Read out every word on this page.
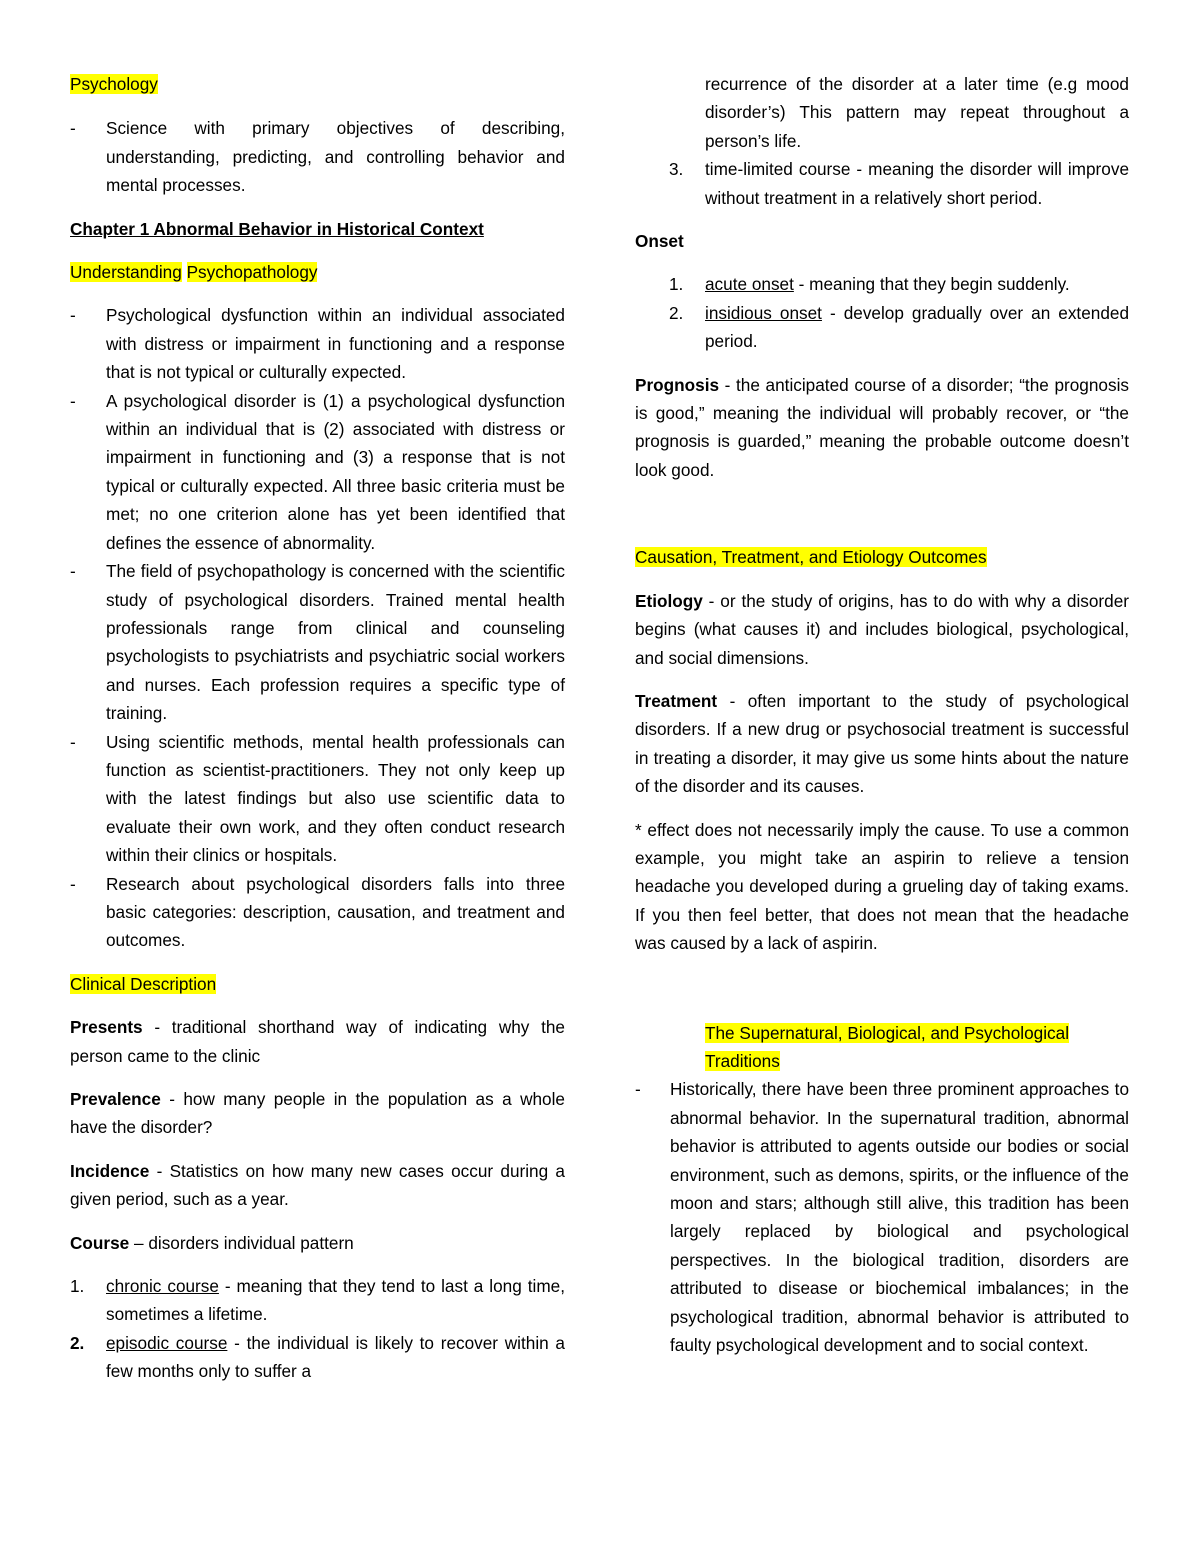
Psychology

- Science with primary objectives of describing, understanding, predicting, and controlling behavior and mental processes.

Chapter 1 Abnormal Behavior in Historical Context

Understanding Psychopathology

- Psychological dysfunction within an individual associated with distress or impairment in functioning and a response that is not typical or culturally expected.
- A psychological disorder is (1) a psychological dysfunction within an individual that is (2) associated with distress or impairment in functioning and (3) a response that is not typical or culturally expected. All three basic criteria must be met; no one criterion alone has yet been identified that defines the essence of abnormality.
- The field of psychopathology is concerned with the scientific study of psychological disorders. Trained mental health professionals range from clinical and counseling psychologists to psychiatrists and psychiatric social workers and nurses. Each profession requires a specific type of training.
- Using scientific methods, mental health professionals can function as scientist-practitioners. They not only keep up with the latest findings but also use scientific data to evaluate their own work, and they often conduct research within their clinics or hospitals.
- Research about psychological disorders falls into three basic categories: description, causation, and treatment and outcomes.

Clinical Description

Presents - traditional shorthand way of indicating why the person came to the clinic

Prevalence - how many people in the population as a whole have the disorder?

Incidence - Statistics on how many new cases occur during a given period, such as a year.

Course – disorders individual pattern

1. chronic course - meaning that they tend to last a long time, sometimes a lifetime.
2. episodic course - the individual is likely to recover within a few months only to suffer a
recurrence of the disorder at a later time (e.g mood disorder’s) This pattern may repeat throughout a person’s life.
3. time-limited course - meaning the disorder will improve without treatment in a relatively short period.

Onset

1. acute onset - meaning that they begin suddenly.
2. insidious onset - develop gradually over an extended period.

Prognosis - the anticipated course of a disorder; “the prognosis is good,” meaning the individual will probably recover, or “the prognosis is guarded,” meaning the probable outcome doesn’t look good.

Causation, Treatment, and Etiology Outcomes

Etiology - or the study of origins, has to do with why a disorder begins (what causes it) and includes biological, psychological, and social dimensions.

Treatment - often important to the study of psychological disorders. If a new drug or psychosocial treatment is successful in treating a disorder, it may give us some hints about the nature of the disorder and its causes.

* effect does not necessarily imply the cause. To use a common example, you might take an aspirin to relieve a tension headache you developed during a grueling day of taking exams. If you then feel better, that does not mean that the headache was caused by a lack of aspirin.

The Supernatural, Biological, and Psychological Traditions
- Historically, there have been three prominent approaches to abnormal behavior. In the supernatural tradition, abnormal behavior is attributed to agents outside our bodies or social environment, such as demons, spirits, or the influence of the moon and stars; although still alive, this tradition has been largely replaced by biological and psychological perspectives. In the biological tradition, disorders are attributed to disease or biochemical imbalances; in the psychological tradition, abnormal behavior is attributed to faulty psychological development and to social context.
